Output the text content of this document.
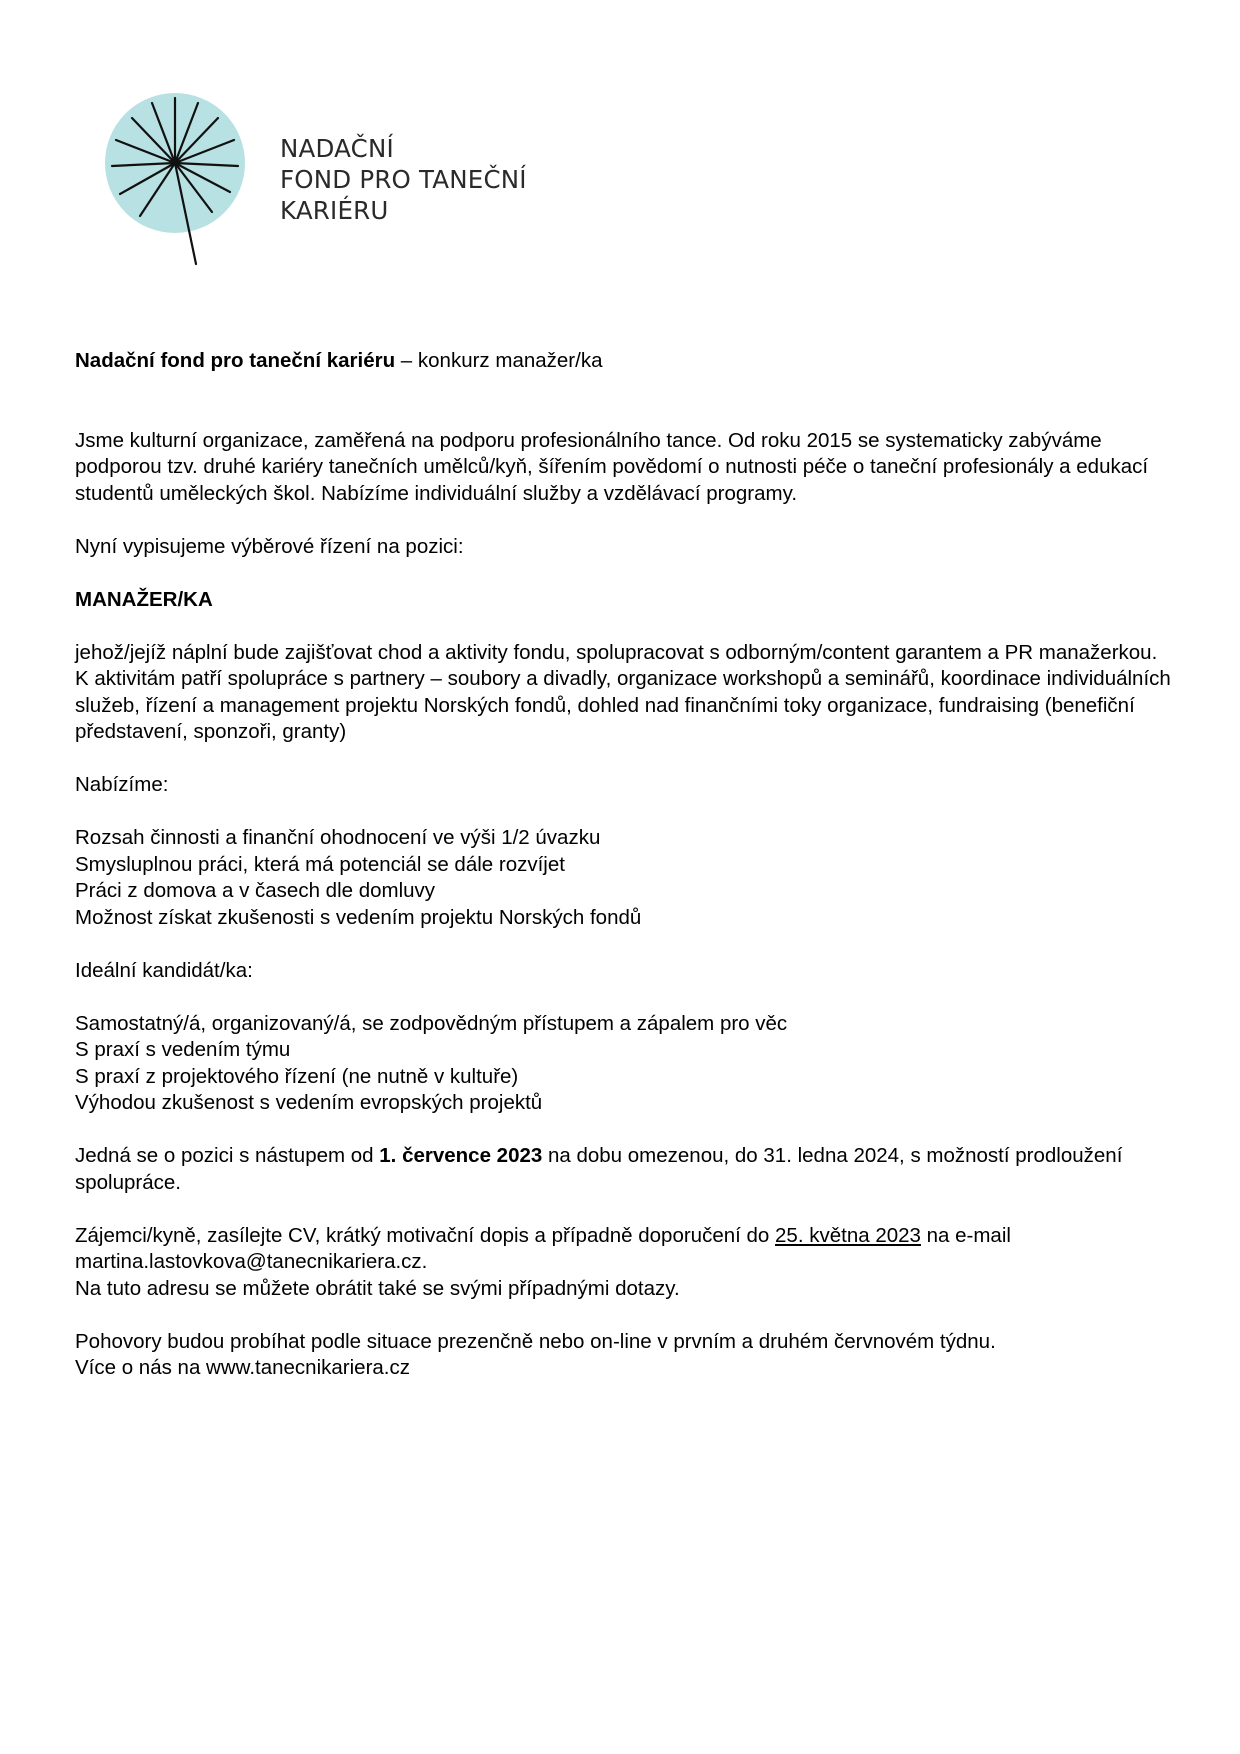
NADAČNÍ
FOND PRO TANEČNÍ
KARIÉRU

Nadační fond pro taneční kariéru – konkurz manažer/ka

Jsme kulturní organizace, zaměřená na podporu profesionálního tance. Od roku 2015 se systematicky zabýváme podporou tzv. druhé kariéry tanečních umělců/kyň, šířením povědomí o nutnosti péče o taneční profesionály a edukací studentů uměleckých škol. Nabízíme individuální služby a vzdělávací programy.

Nyní vypisujeme výběrové řízení na pozici:

MANAŽER/KA

jehož/jejíž náplní bude zajišťovat chod a aktivity fondu, spolupracovat s odborným/content garantem a PR manažerkou. K aktivitám patří spolupráce s partnery – soubory a divadly, organizace workshopů a seminářů, koordinace individuálních služeb, řízení a management projektu Norských fondů, dohled nad finančními toky organizace, fundraising (benefiční představení, sponzoři, granty)

Nabízíme:

Rozsah činnosti a finanční ohodnocení ve výši 1/2 úvazku

Smysluplnou práci, která má potenciál se dále rozvíjet

Práci z domova a v časech dle domluvy

Možnost získat zkušenosti s vedením projektu Norských fondů

Ideální kandidát/ka:

Samostatný/á, organizovaný/á, se zodpovědným přístupem a zápalem pro věc

S praxí s vedením týmu

S praxí z projektového řízení (ne nutně v kultuře)

Výhodou zkušenost s vedením evropských projektů

Jedná se o pozici s nástupem od 1. července 2023 na dobu omezenou, do 31. ledna 2024, s možností prodloužení spolupráce.

Zájemci/kyně, zasílejte CV, krátký motivační dopis a případně doporučení do 25. května 2023 na e-mail
martina.lastovkova@tanecnikariera.cz.
Na tuto adresu se můžete obrátit také se svými případnými dotazy.

Pohovory budou probíhat podle situace prezenčně nebo on-line v prvním a druhém červnovém týdnu.
Více o nás na www.tanecnikariera.cz
